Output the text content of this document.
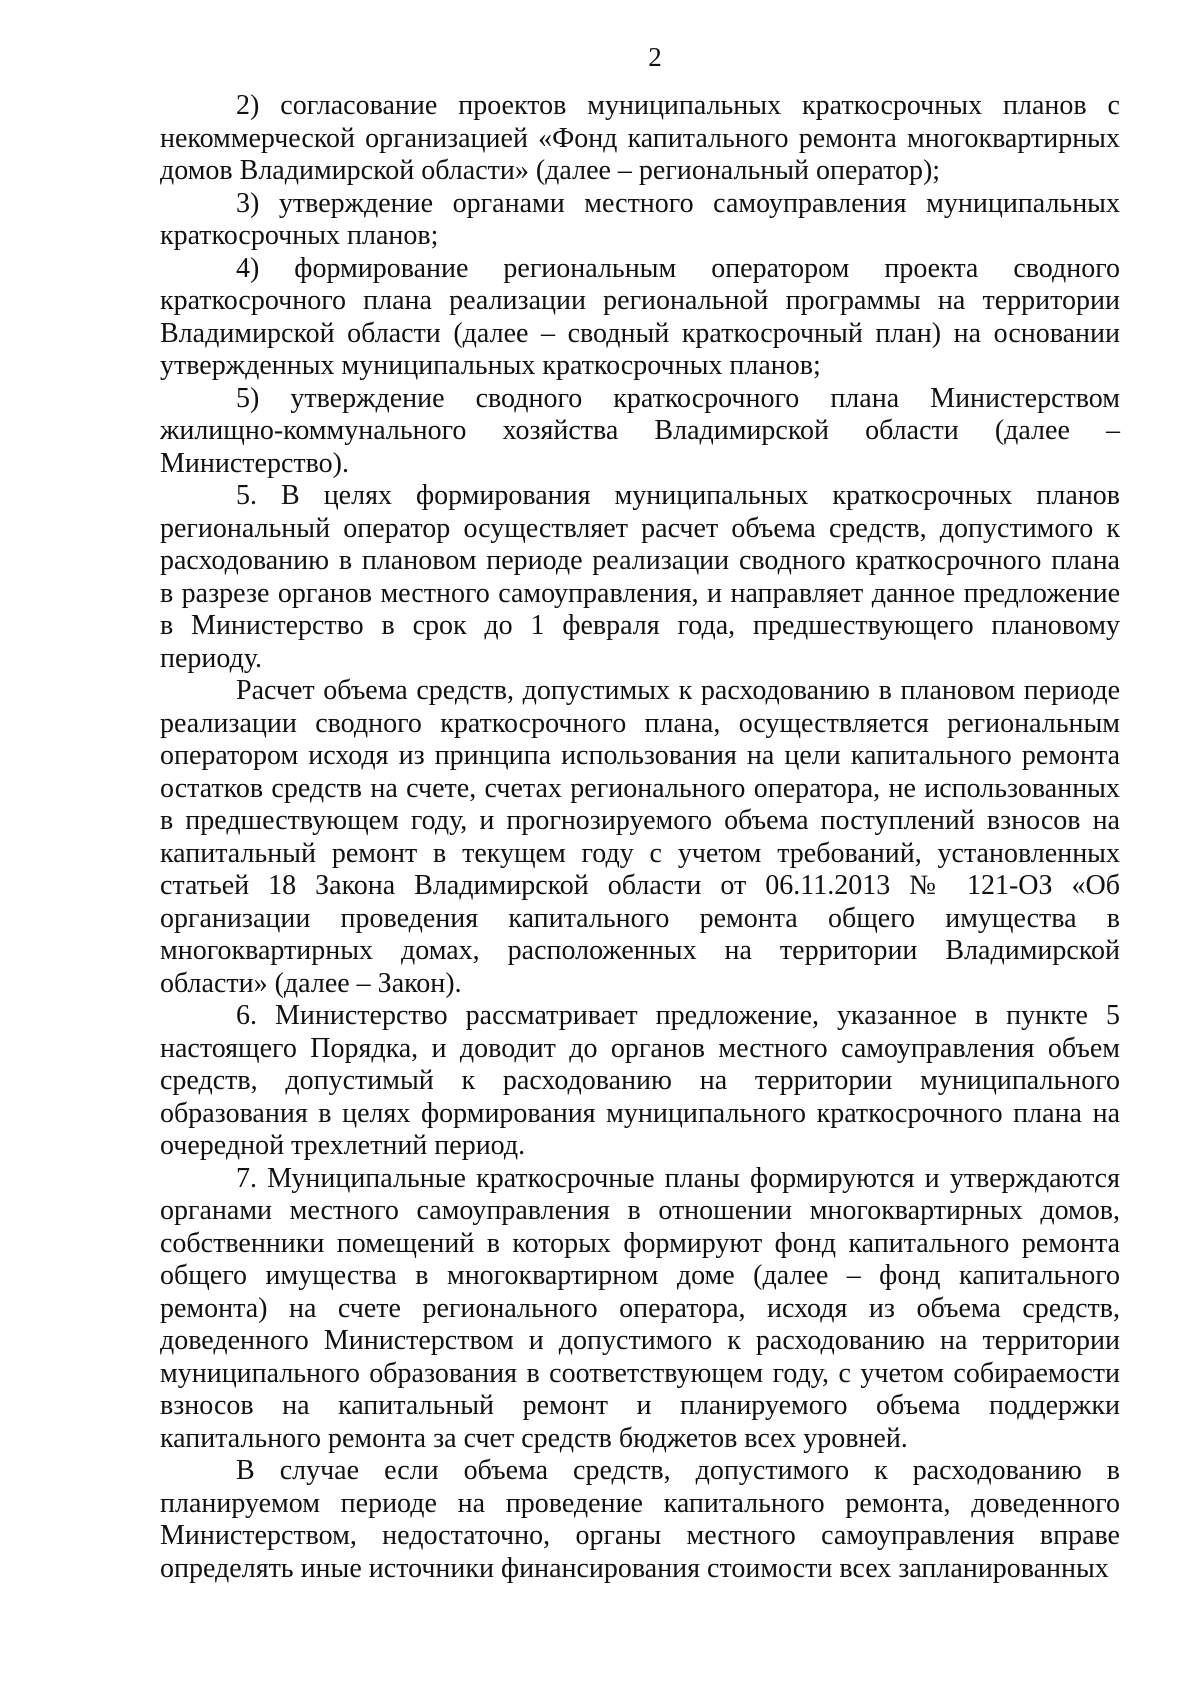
2

2) согласование проектов муниципальных краткосрочных планов с некоммерческой организацией «Фонд капитального ремонта многоквартирных домов Владимирской области» (далее – региональный оператор);

3) утверждение органами местного самоуправления муниципальных краткосрочных планов;

4) формирование региональным оператором проекта сводного краткосрочного плана реализации региональной программы на территории Владимирской области (далее – сводный краткосрочный план) на основании утвержденных муниципальных краткосрочных планов;

5) утверждение сводного краткосрочного плана Министерством жилищно-коммунального хозяйства Владимирской области (далее – Министерство).

5. В целях формирования муниципальных краткосрочных планов региональный оператор осуществляет расчет объема средств, допустимого к расходованию в плановом периоде реализации сводного краткосрочного плана в разрезе органов местного самоуправления, и направляет данное предложение в Министерство в срок до 1 февраля года, предшествующего плановому периоду.

Расчет объема средств, допустимых к расходованию в плановом периоде реализации сводного краткосрочного плана, осуществляется региональным оператором исходя из принципа использования на цели капитального ремонта остатков средств на счете, счетах регионального оператора, не использованных в предшествующем году, и прогнозируемого объема поступлений взносов на капитальный ремонт в текущем году с учетом требований, установленных статьей 18 Закона Владимирской области от 06.11.2013 № 121-ОЗ «Об организации проведения капитального ремонта общего имущества в многоквартирных домах, расположенных на территории Владимирской области» (далее – Закон).

6. Министерство рассматривает предложение, указанное в пункте 5 настоящего Порядка, и доводит до органов местного самоуправления объем средств, допустимый к расходованию на территории муниципального образования в целях формирования муниципального краткосрочного плана на очередной трехлетний период.

7. Муниципальные краткосрочные планы формируются и утверждаются органами местного самоуправления в отношении многоквартирных домов, собственники помещений в которых формируют фонд капитального ремонта общего имущества в многоквартирном доме (далее – фонд капитального ремонта) на счете регионального оператора, исходя из объема средств, доведенного Министерством и допустимого к расходованию на территории муниципального образования в соответствующем году, с учетом собираемости взносов на капитальный ремонт и планируемого объема поддержки капитального ремонта за счет средств бюджетов всех уровней.

В случае если объема средств, допустимого к расходованию в планируемом периоде на проведение капитального ремонта, доведенного Министерством, недостаточно, органы местного самоуправления вправе определять иные источники финансирования стоимости всех запланированных
